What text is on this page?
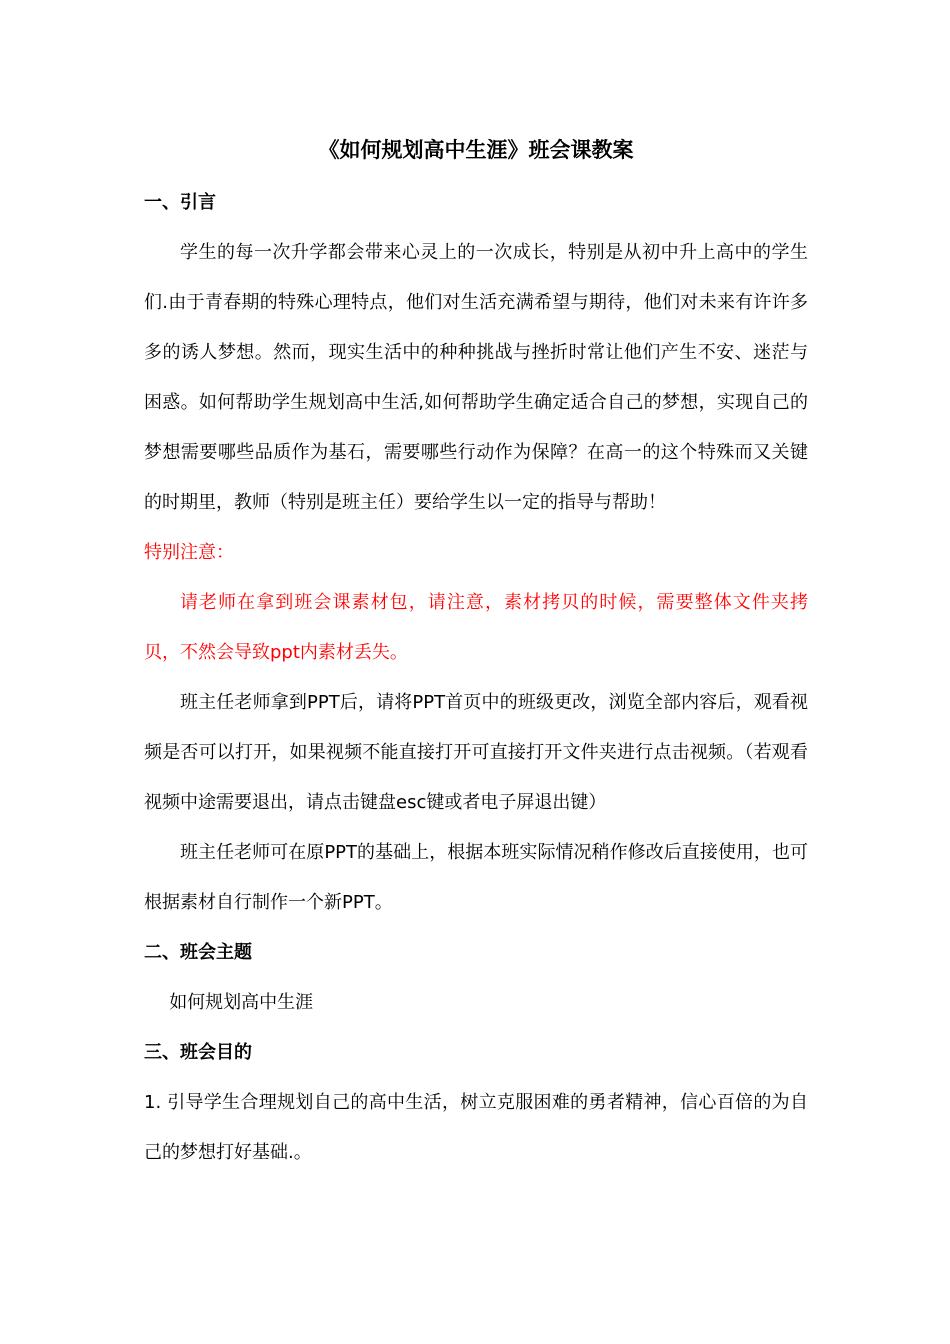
《如何规划高中生涯》班会课教案
一、引言

学生的每一次升学都会带来心灵上的一次成长，特别是从初中升上高中的学生们.由于青春期的特殊心理特点，他们对生活充满希望与期待，他们对未来有许许多多的诱人梦想。然而，现实生活中的种种挑战与挫折时常让他们产生不安、迷茫与困惑。如何帮助学生规划高中生活,如何帮助学生确定适合自己的梦想，实现自己的梦想需要哪些品质作为基石，需要哪些行动作为保障？在高一的这个特殊而又关键的时期里，教师（特别是班主任）要给学生以一定的指导与帮助！

特别注意：

请老师在拿到班会课素材包，请注意，素材拷贝的时候，需要整体文件夹拷贝，不然会导致ppt内素材丢失。

班主任老师拿到PPT后，请将PPT首页中的班级更改，浏览全部内容后，观看视频是否可以打开，如果视频不能直接打开可直接打开文件夹进行点击视频。（若观看视频中途需要退出，请点击键盘esc键或者电子屏退出键）

班主任老师可在原PPT的基础上，根据本班实际情况稍作修改后直接使用，也可根据素材自行制作一个新PPT。

二、班会主题

如何规划高中生涯

三、班会目的

1. 引导学生合理规划自己的高中生活，树立克服困难的勇者精神，信心百倍的为自己的梦想打好基础.。
